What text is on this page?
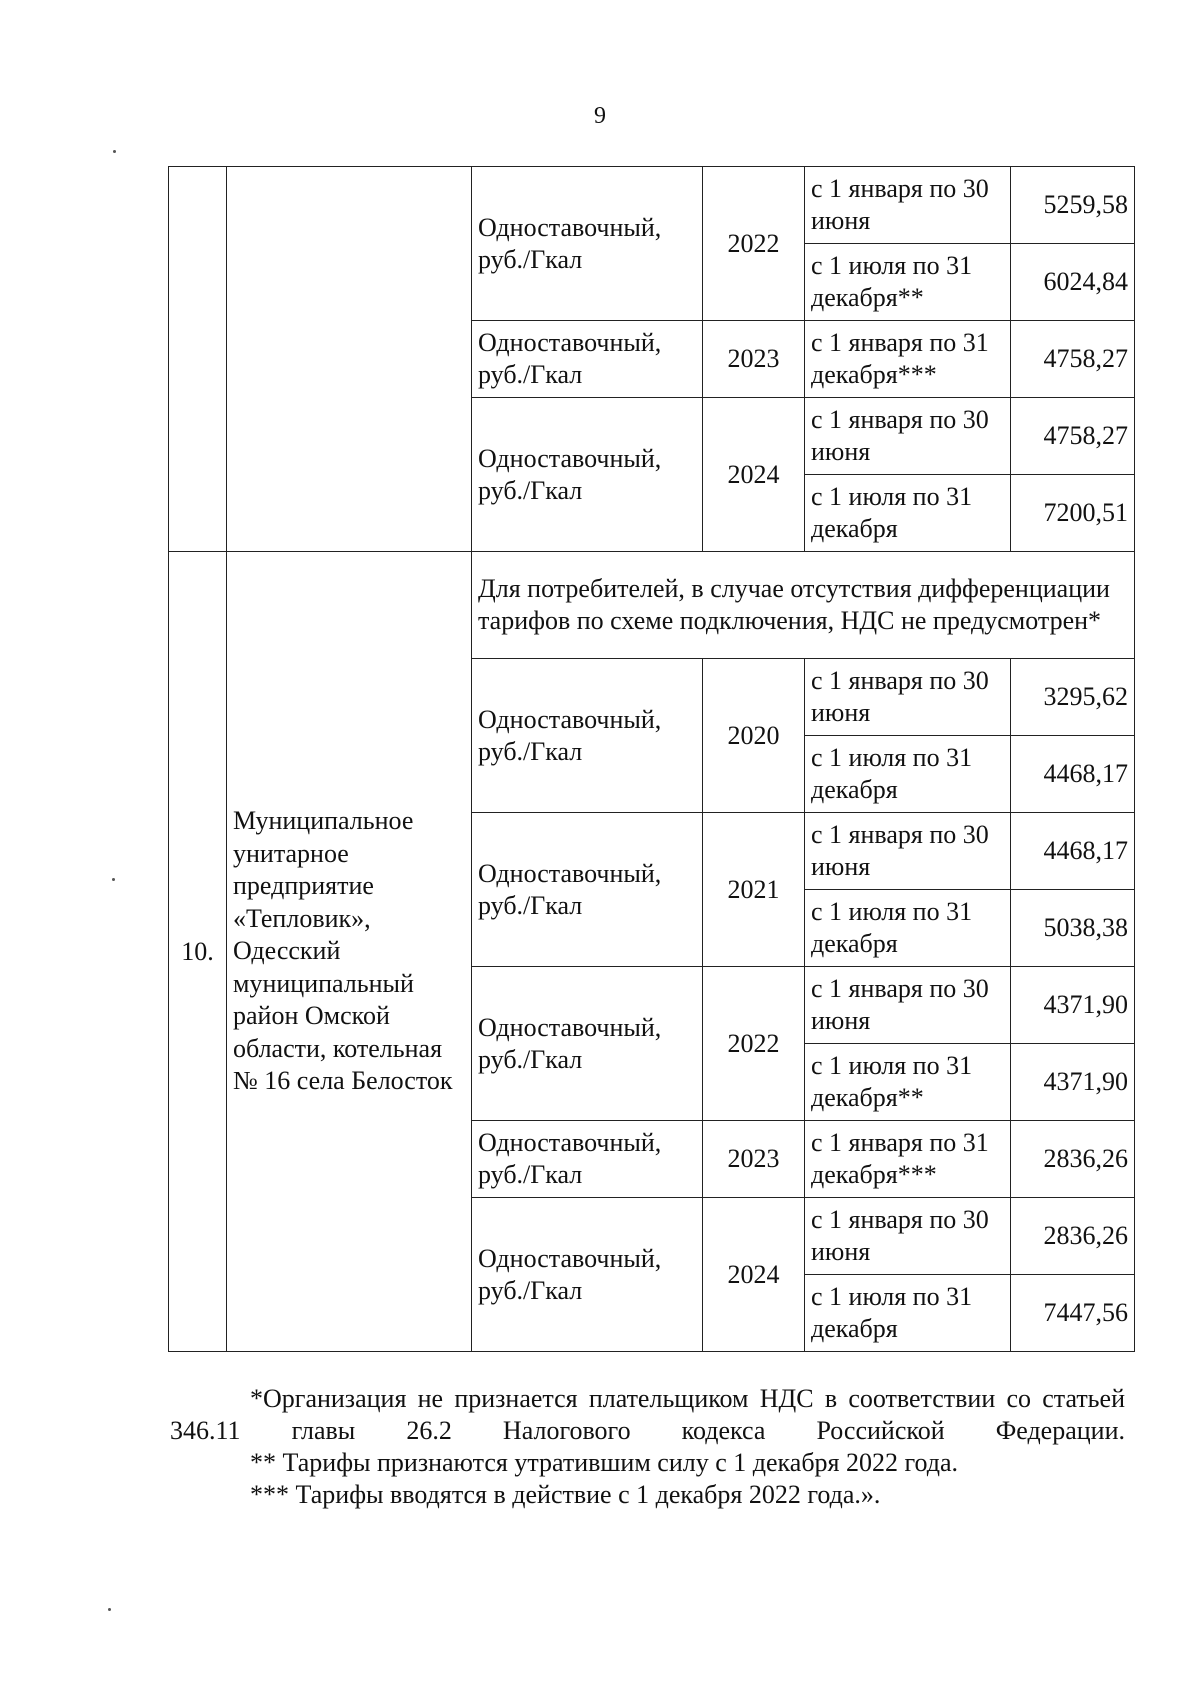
9
		Одноставочный, руб./Гкал	2022	с 1 января по 30 июня	5259,58
				с 1 июля по 31 декабря**	6024,84
		Одноставочный, руб./Гкал	2023	с 1 января по 31 декабря***	4758,27
		Одноставочный, руб./Гкал	2024	с 1 января по 30 июня	4758,27
				с 1 июля по 31 декабря	7200,51
10.	Муниципальное унитарное предприятие «Тепловик», Одесский муниципальный район Омской области, котельная № 16 села Белосток	Для потребителей, в случае отсутствия дифференциации тарифов по схеме подключения, НДС не предусмотрен*			
		Одноставочный, руб./Гкал	2020	с 1 января по 30 июня	3295,62
				с 1 июля по 31 декабря	4468,17
		Одноставочный, руб./Гкал	2021	с 1 января по 30 июня	4468,17
				с 1 июля по 31 декабря	5038,38
		Одноставочный, руб./Гкал	2022	с 1 января по 30 июня	4371,90
				с 1 июля по 31 декабря**	4371,90
		Одноставочный, руб./Гкал	2023	с 1 января по 31 декабря***	2836,26
		Одноставочный, руб./Гкал	2024	с 1 января по 30 июня	2836,26
				с 1 июля по 31 декабря	7447,56

*Организация не признается плательщиком НДС в соответствии со статьей 346.11 главы 26.2 Налогового кодекса Российской Федерации.

** Тарифы признаются утратившим силу с 1 декабря 2022 года.

*** Тарифы вводятся в действие с 1 декабря 2022 года.».
